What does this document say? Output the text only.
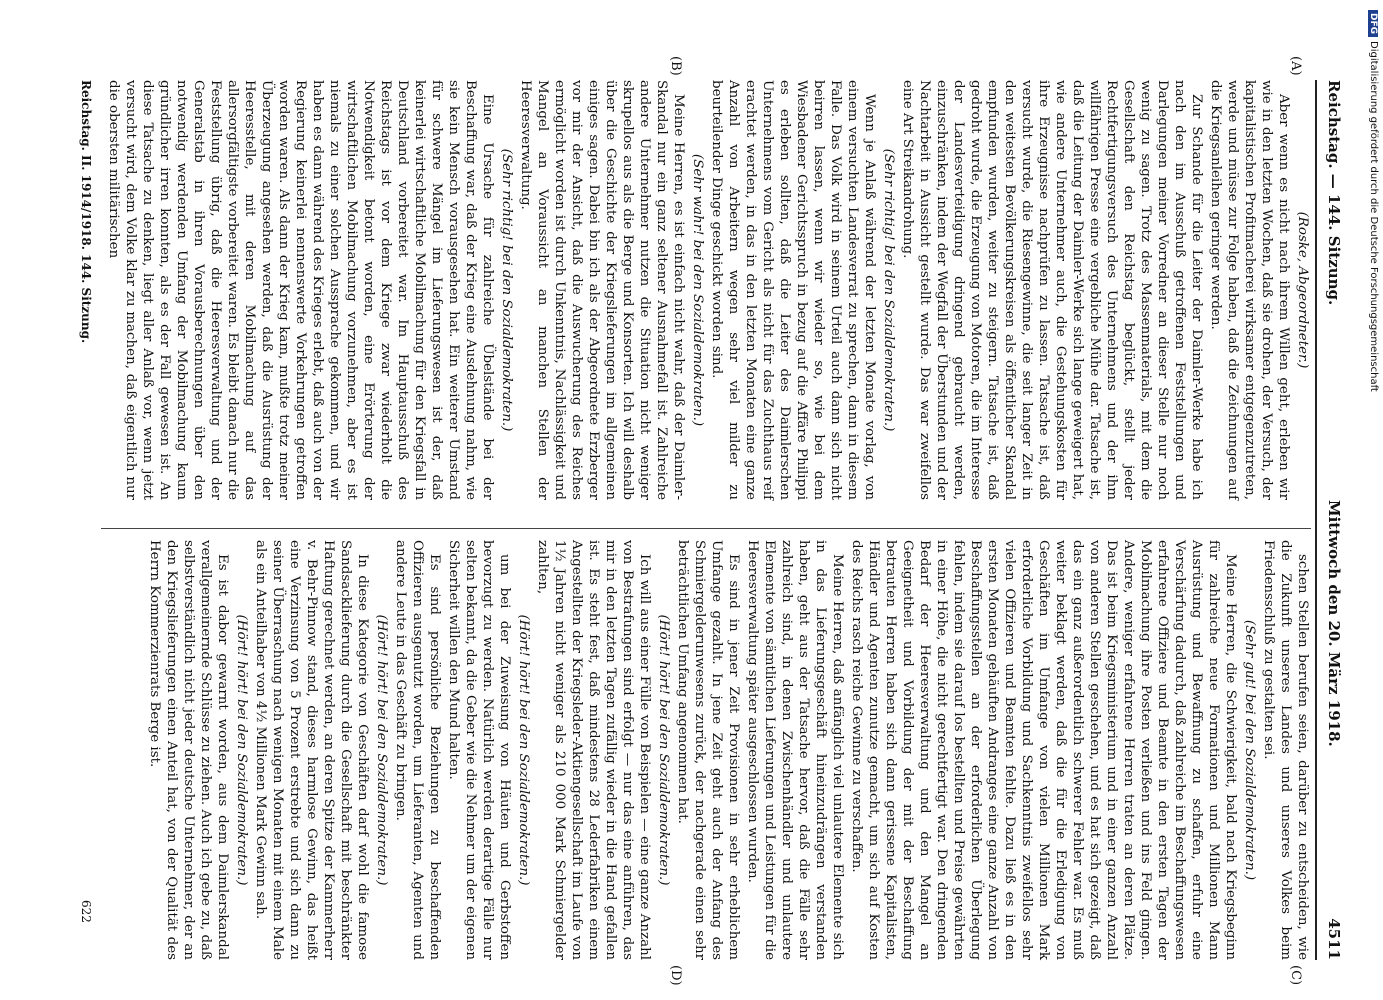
Reichstag. — 144. Sitzung.
Mittwoch den 20. März 1918.
4511
(A)
(B)
(C)
(D)

(Roske, Abgeordneter.)

Aber wenn es nicht nach ihrem Willen geht, erleben wir wie in den letzten Wochen, daß sie drohen, der Versuch, der kapitalistischen Profitmacherei wirksamer entgegenzutreten, werde und müsse zur Folge haben, daß die Zeichnungen auf die Kriegsanleihen geringer werden.

Zur Schande für die Leiter der Daimler-Werke habe ich nach den im Ausschuß getroffenen Feststellungen und Darlegungen meiner Vorredner an dieser Stelle nur noch wenig zu sagen. Trotz des Massenmaterials, mit dem die Gesellschaft den Reichstag beglückt, stellt jeder Rechtfertigungsversuch des Unternehmens und der ihm willfährigen Presse eine vergebliche Mühe dar. Tatsache ist, daß die Leitung der Daimler-Werke sich lange geweigert hat, wie andere Unternehmer auch, die Gestehungskosten für ihre Erzeugnisse nachprüfen zu lassen. Tatsache ist, daß versucht wurde, die Riesengewinne, die seit langer Zeit in den weitesten Bevölkerungskreisen als öffentlicher Skandal empfunden wurden, weiter zu steigern. Tatsache ist, daß gedroht wurde, die Erzeugung von Motoren, die im Interesse der Landesverteidigung dringend gebraucht werden, einzuschränken, indem der Wegfall der Überstunden und der Nachtarbeit in Aussicht gestellt wurde. Das war zweifellos eine Art Streikandrohung.

(Sehr richtig! bei den Sozialdemokraten.)

Wenn je Anlaß während der letzten Monate vorlag, von einem versuchten Landesverrat zu sprechen, dann in diesem Falle. Das Volk wird in seinem Urteil auch dann sich nicht beirren lassen, wenn wir wieder so, wie bei dem Wiesbadener Gerichtsspruch in bezug auf die Affäre Philippi es erleben sollten, daß die Leiter des Daimlerschen Unternehmens vom Gericht als nicht für das Zuchthaus reif erachtet werden, in das in den letzten Monaten eine ganze Anzahl von Arbeitern wegen sehr viel milder zu beurteilender Dinge geschickt worden sind.

(Sehr wahr! bei den Sozialdemokraten.)

Meine Herren, es ist einfach nicht wahr, daß der Daimler-Skandal nur ein ganz seltener Ausnahmefall ist. Zahlreiche andere Unternehmer nutzen die Situation nicht weniger skrupellos aus als die Berge und Konsorten. Ich will deshalb über die Geschichte der Kriegslieferungen im allgemeinen einiges sagen. Dabei bin ich als der Abgeordnete Erzberger vor mir der Ansicht, daß die Auswucherung des Reiches ermöglicht worden ist durch Unkenntnis, Nachlässigkeit und Mangel an Voraussicht an manchen Stellen der Heeresverwaltung.

(Sehr richtig! bei den Sozialdemokraten.)

Eine Ursache für zahlreiche Übelstände bei der Beschaffung war, daß der Krieg eine Ausdehnung nahm, wie sie kein Mensch vorausgesehen hat. Ein weiterer Umstand für schwere Mängel im Lieferungswesen ist der, daß keinerlei wirtschaftliche Mobilmachung für den Kriegsfall in Deutschland vorbereitet war. Im Hauptausschuß des Reichstags ist vor dem Kriege zwar wiederholt die Notwendigkeit betont worden, eine Erörterung der wirtschaftlichen Mobilmachung vorzunehmen, aber es ist niemals zu einer solchen Aussprache gekommen, und wir haben es dann während des Krieges erlebt, daß auch von der Regierung keinerlei nennenswerte Vorkehrungen getroffen worden waren. Als dann der Krieg kam, mußte trotz meiner Überzeugung angesehen werden, daß die Ausrüstung der Heeresstelle, mit deren Mobilmachung auf das allersorgfältigste vorbereitet waren. Es bleibt danach nur die Feststellung übrig, daß die Heeresverwaltung und der Generalstab in ihren Vorausberechnungen über den notwendig werdenden Umfang der Mobilmachung kaum gründlicher irren konnten, als es der Fall gewesen ist. An diese Tatsache zu denken, liegt aller Anlaß vor, wenn jetzt versucht wird, dem Volke klar zu machen, daß eigentlich nur die obersten militärischen

schen Stellen berufen seien, darüber zu entscheiden, wie die Zukunft unseres Landes und unseres Volkes beim Friedensschluß zu gestalten sei.

(Sehr gut! bei den Sozialdemokraten.)

Meine Herren, die Schwierigkeit, bald nach Kriegsbeginn für zahlreiche neue Formationen und Millionen Mann Ausrüstung und Bewaffnung zu schaffen, erfuhr eine Verschärfung dadurch, daß zahlreiche im Beschaffungswesen erfahrene Offiziere und Beamte in den ersten Tagen der Mobilmachung ihre Posten verließen und ins Feld gingen. Andere, weniger erfahrene Herren traten an deren Plätze. Das ist beim Kriegsministerium und in einer ganzen Anzahl von anderen Stellen geschehen, und es hat sich gezeigt, daß das ein ganz außerordentlich schwerer Fehler war. Es muß weiter beklagt werden, daß die für die Erledigung von Geschäften im Umfange von vielen Millionen Mark erforderliche Vorbildung und Sachkenntnis zweifellos sehr vielen Offizieren und Beamten fehlte. Dazu ließ es in den ersten Monaten gehäuften Andranges eine ganze Anzahl von Beschaffungsstellen an der erforderlichen Überlegung fehlen, indem sie darauf los bestellten und Preise gewährten in einer Höhe, die nicht gerechtfertigt war. Den dringenden Bedarf der Heeresverwaltung und den Mangel an Geeignetheit und Vorbildung der mit der Beschaffung betrauten Herren haben sich dann gerissene Kapitalisten, Händler und Agenten zunutze gemacht, um sich auf Kosten des Reichs rasch reiche Gewinne zu verschaffen.

Meine Herren, daß anfänglich viel unlautere Elemente sich in das Lieferungsgeschäft hineinzudrängen verstanden haben, geht aus der Tatsache hervor, daß die Fälle sehr zahlreich sind, in denen Zwischenhändler und unlautere Elemente von sämtlichen Lieferungen und Leistungen für die Heeresverwaltung später ausgeschlossen wurden.

Es sind in jener Zeit Provisionen in sehr erheblichem Umfange gezahlt. In jene Zeit geht auch der Anfang des Schmiergelderunwesens zurück, der nachgerade einen sehr beträchtlichen Umfang angenommen hat.

(Hört! hört! bei den Sozialdemokraten.)

Ich will aus einer Fülle von Beispielen — eine ganze Anzahl von Bestrafungen sind erfolgt — nur das eine anführen, das mir in den letzten Tagen zufällig wieder in die Hand gefallen ist. Es steht fest, daß mindestens 28 Lederfabriken einem Angestellten der Kriegsleder-Aktiengesellschaft im Laufe von 1½ Jahren nicht weniger als 210 000 Mark Schmiergelder zahlten,

(Hört! hört! bei den Sozialdemokraten.)

um bei der Zuweisung von Häuten und Gerbstoffen bevorzugt zu werden. Natürlich werden derartige Fälle nur selten bekannt, da die Geber wie die Nehmer um der eigenen Sicherheit willen den Mund halten.

Es sind persönliche Beziehungen zu beschaffenden Offizieren ausgenutzt worden, um Lieferanten, Agenten und andere Leute in das Geschäft zu bringen.

(Hört! hört! bei den Sozialdemokraten.)

In diese Kategorie von Geschäften darf wohl die famose Sandsacklieferung durch die Gesellschaft mit beschränkter Haftung gerechnet werden, an deren Spitze der Kammerherr v. Behr-Pinnow stand, dieses harmlose Gewinn, das heißt eine Verzinsung von 5 Prozent erstrebte und sich dann zu seiner Überraschung nach wenigen Monaten mit einem Male als ein Anteilhaber von 4½ Millionen Mark Gewinn sah.

(Hört! hört! bei den Sozialdemokraten.)

Es ist dabor gewarnt worden, aus dem Daimlerskandal verallgemeinernde Schlüsse zu ziehen. Auch ich gebe zu, daß selbstverständlich nicht jeder deutsche Unternehmer, der an den Kriegslieferungen einen Anteil hat, von der Qualität des Herrn Kommerzienrats Berge ist.

Reichstag. II. 1914/1918. 144. Sitzung.
622
DFGDigitalisierung gefördert durch die Deutsche Forschungsgemeinschaft
